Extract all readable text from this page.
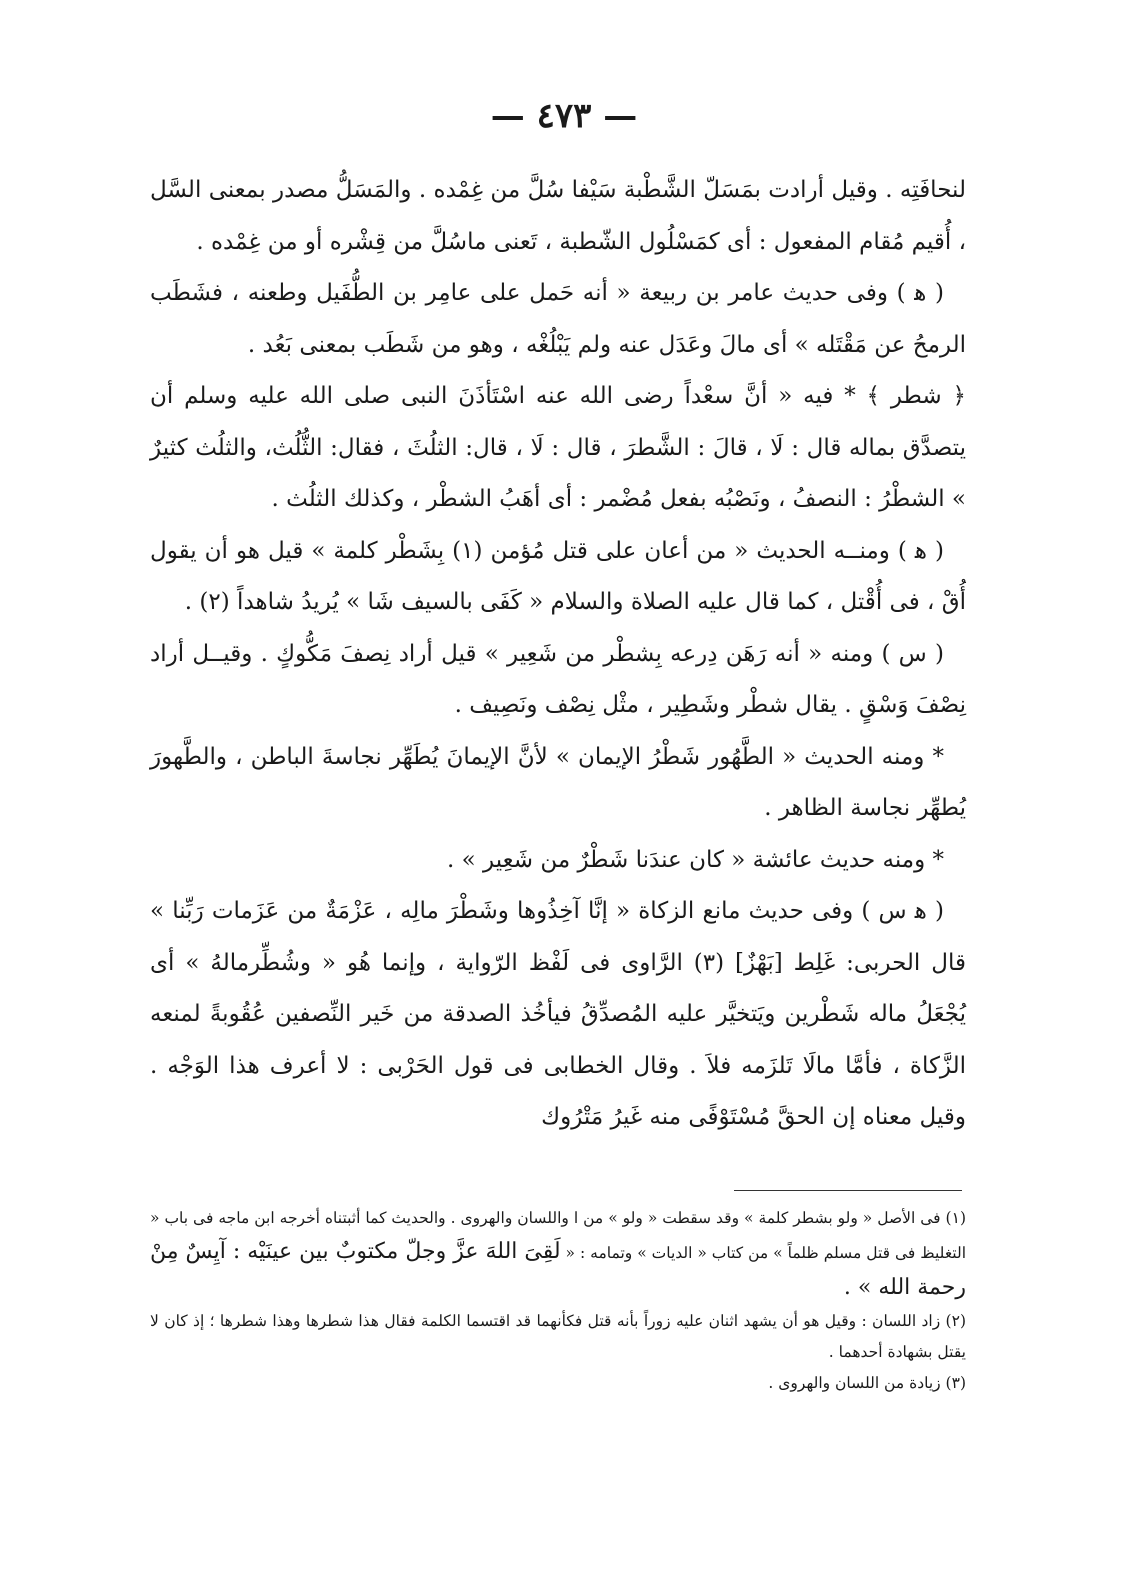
— ٤٧٣ —

لنحافَتِه . وقيل أرادت بمَسَلّ الشَّطْبة سَيْفا سُلَّ من غِمْده . والمَسَلُّ مصدر بمعنى السَّل ، أُقيم مُقام المفعول : أى كمَسْلُول الشّطبة ، تَعنى ماسُلَّ من قِشْره أو من غِمْده .

( ﻫ ) وفى حديث عامر بن ربيعة « أنه حَمل على عامِر بن الطُّفَيل وطعنه ، فشَطَب الرمحُ عن مَقْتَله » أى مالَ وعَدَل عنه ولم يَبْلُغْه ، وهو من شَطَب بمعنى بَعُد .

﴿ شطر ﴾ * فيه « أنَّ سعْداً رضى الله عنه اسْتَأذَنَ النبى صلى الله عليه وسلم أن يتصدَّق بماله قال : لَا ، قالَ : الشَّطرَ ، قال : لَا ، قال: الثلُثَ ، فقال: الثُّلُث، والثلُث كثيرٌ » الشطْرُ : النصفُ ، ونَصْبُه بفعل مُضْمر : أى أهَبُ الشطْر ، وكذلك الثلُث .

( ﻫ ) ومنــه الحديث « من أعان على قتل مُؤمن (١) بِشَطْر كلمة » قيل هو أن يقول أُقْ ، فى أُقْتل ، كما قال عليه الصلاة والسلام « كَفَى بالسيف شَا » يُريدُ شاهداً (٢) .

( س ) ومنه « أنه رَهَن دِرعه بِشطْر من شَعِير » قيل أراد نِصفَ مَكُّوكٍ . وقيــل أراد نِصْفَ وَسْقٍ . يقال شطْر وشَطِير ، مثْل نِصْف ونَصِيف .

* ومنه الحديث « الطَّهُور شَطْرُ الإيمان » لأنَّ الإيمانَ يُطَهِّر نجاسةَ الباطن ، والطَّهورَ يُطهِّر نجاسة الظاهر .

* ومنه حديث عائشة « كان عندَنا شَطْرٌ من شَعِير » .

( ﻫ س ) وفى حديث مانع الزكاة « إنَّا آخِذُوها وشَطْرَ مالِه ، عَزْمَةٌ من عَزَمات رَبِّنا » قال الحربى: غَلِط [بَهْزٌ] (٣) الرَّاوى فى لَفْظ الرّواية ، وإنما هُو « وشُطِّرمالهُ » أى يُجْعَلُ ماله شَطْرين ويَتخيَّر عليه المُصدِّقُ فيأخُذ الصدقة من خَير النِّصفين عُقُوبةً لمنعه الزَّكاة ، فأمَّا مالَا تَلزَمه فلاَ . وقال الخطابى فى قول الحَرْبى : لا أعرف هذا الوَجْه . وقيل معناه إن الحقَّ مُسْتَوْفًى منه غَيرُ مَتْرُوك

(١) فى الأصل « ولو بشطر كلمة » وقد سقطت « ولو » من ا واللسان والهروى . والحديث كما أثبتناه أخرجه ابن ماجه فى باب « التغليظ فى قتل مسلم ظلماً » من كتاب « الديات » وتمامه : « لَقِىَ اللهَ عزَّ وجلّ مكتوبٌ بين عينَيْه : آيِسٌ مِنْ رحمة الله » .

(٢) زاد اللسان : وقيل هو أن يشهد اثنان عليه زوراً بأنه قتل فكأنهما قد اقتسما الكلمة فقال هذا شطرها وهذا شطرها ؛ إذ كان لا يقتل بشهادة أحدهما .

(٣) زيادة من اللسان والهروى .
